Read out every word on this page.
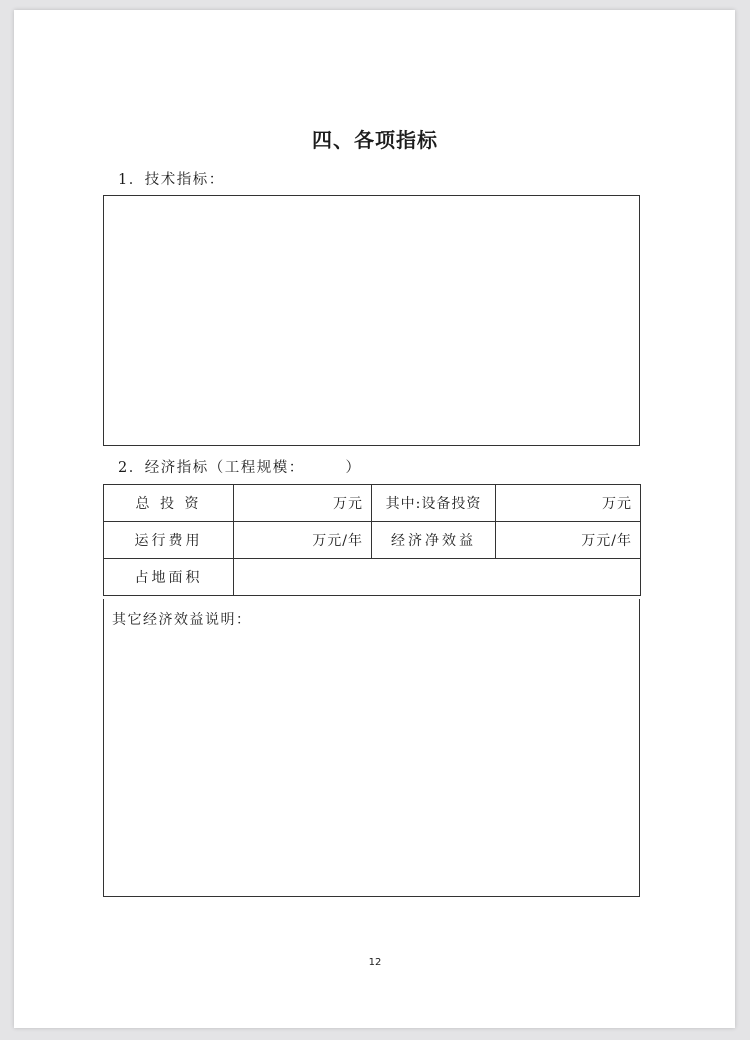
四、各项指标
1．技术指标：
2．经济指标（工程规模：　　　）
总 投 资	万元	其中:设备投资	万元
运行费用	万元/年	经济净效益	万元/年
占地面积			
其它经济效益说明：
12
